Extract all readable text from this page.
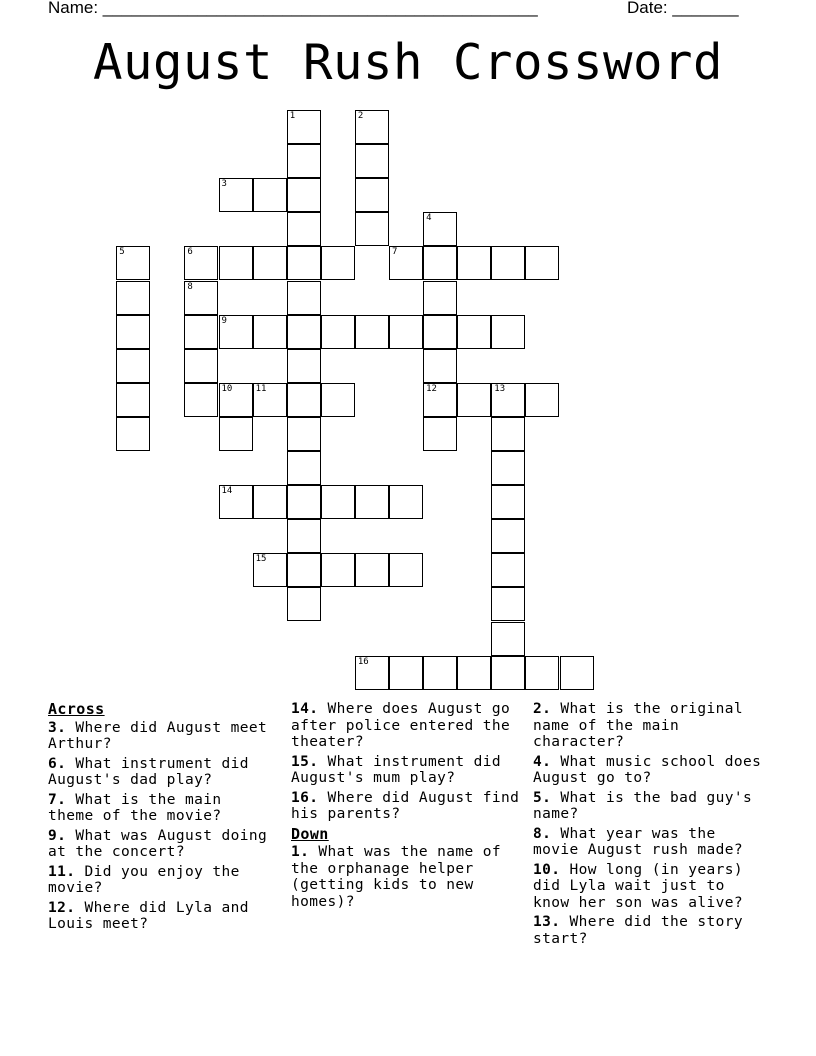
Name: ______________________________________________	Date: _______
August Rush Crossword
1	2
3
4
12
5	6	7
8
9
10	11	13
14
15
16
Across
3. Where did August meet Arthur?
6. What instrument did August's dad play?
7. What is the main theme of the movie?
9. What was August doing at the concert?
11. Did you enjoy the movie?
12. Where did Lyla and Louis meet?
14. Where does August go after police entered the theater?
15. What instrument did August's mum play?
16. Where did August find his parents?
Down
1. What was the name of the orphanage helper (getting kids to new homes)?
2. What is the original name of the main character?
4. What music school does August go to?
5. What is the bad guy's name?
8. What year was the movie August rush made?
10. How long (in years) did Lyla wait just to know her son was alive?
13. Where did the story start?
